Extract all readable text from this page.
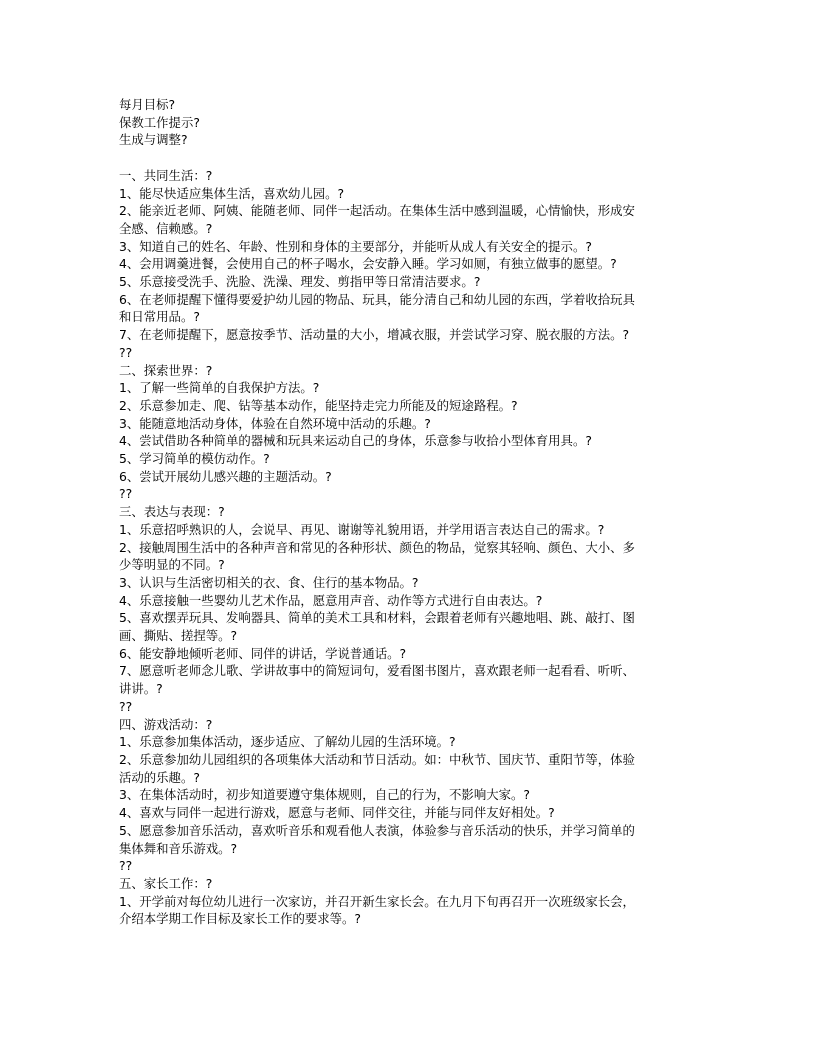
每月目标?
保教工作提示?
生成与调整?
一、共同生活：?
1、能尽快适应集体生活，喜欢幼儿园。?
2、能亲近老师、阿姨、能随老师、同伴一起活动。在集体生活中感到温暖，心情愉快，形成安
全感、信赖感。?
3、知道自己的姓名、年龄、性别和身体的主要部分，并能听从成人有关安全的提示。?
4、会用调羹进餐，会使用自己的杯子喝水，会安静入睡。学习如厕，有独立做事的愿望。?
5、乐意接受洗手、洗脸、洗澡、理发、剪指甲等日常清洁要求。?
6、在老师提醒下懂得要爱护幼儿园的物品、玩具，能分清自己和幼儿园的东西，学着收拾玩具
和日常用品。?
7、在老师提醒下，愿意按季节、活动量的大小，增减衣服，并尝试学习穿、脱衣服的方法。?
??
二、探索世界：?
1、了解一些简单的自我保护方法。?
2、乐意参加走、爬、钻等基本动作，能坚持走完力所能及的短途路程。?
3、能随意地活动身体，体验在自然环境中活动的乐趣。?
4、尝试借助各种简单的器械和玩具来运动自己的身体，乐意参与收拾小型体育用具。?
5、学习简单的模仿动作。?
6、尝试开展幼儿感兴趣的主题活动。?
??
三、表达与表现：?
1、乐意招呼熟识的人，会说早、再见、谢谢等礼貌用语，并学用语言表达自己的需求。?
2、接触周围生活中的各种声音和常见的各种形状、颜色的物品，觉察其轻响、颜色、大小、多
少等明显的不同。?
3、认识与生活密切相关的衣、食、住行的基本物品。?
4、乐意接触一些婴幼儿艺术作品，愿意用声音、动作等方式进行自由表达。?
5、喜欢摆弄玩具、发响器具、简单的美术工具和材料，会跟着老师有兴趣地唱、跳、敲打、图
画、撕贴、搓捏等。?
6、能安静地倾听老师、同伴的讲话，学说普通话。?
7、愿意听老师念儿歌、学讲故事中的简短词句，爱看图书图片，喜欢跟老师一起看看、听听、
讲讲。?
??
四、游戏活动：?
1、乐意参加集体活动，逐步适应、了解幼儿园的生活环境。?
2、乐意参加幼儿园组织的各项集体大活动和节日活动。如：中秋节、国庆节、重阳节等，体验
活动的乐趣。?
3、在集体活动时，初步知道要遵守集体规则，自己的行为，不影响大家。?
4、喜欢与同伴一起进行游戏，愿意与老师、同伴交往，并能与同伴友好相处。?
5、愿意参加音乐活动，喜欢听音乐和观看他人表演，体验参与音乐活动的快乐，并学习简单的
集体舞和音乐游戏。?
??
五、家长工作：?
1、开学前对每位幼儿进行一次家访，并召开新生家长会。在九月下旬再召开一次班级家长会，
介绍本学期工作目标及家长工作的要求等。?
